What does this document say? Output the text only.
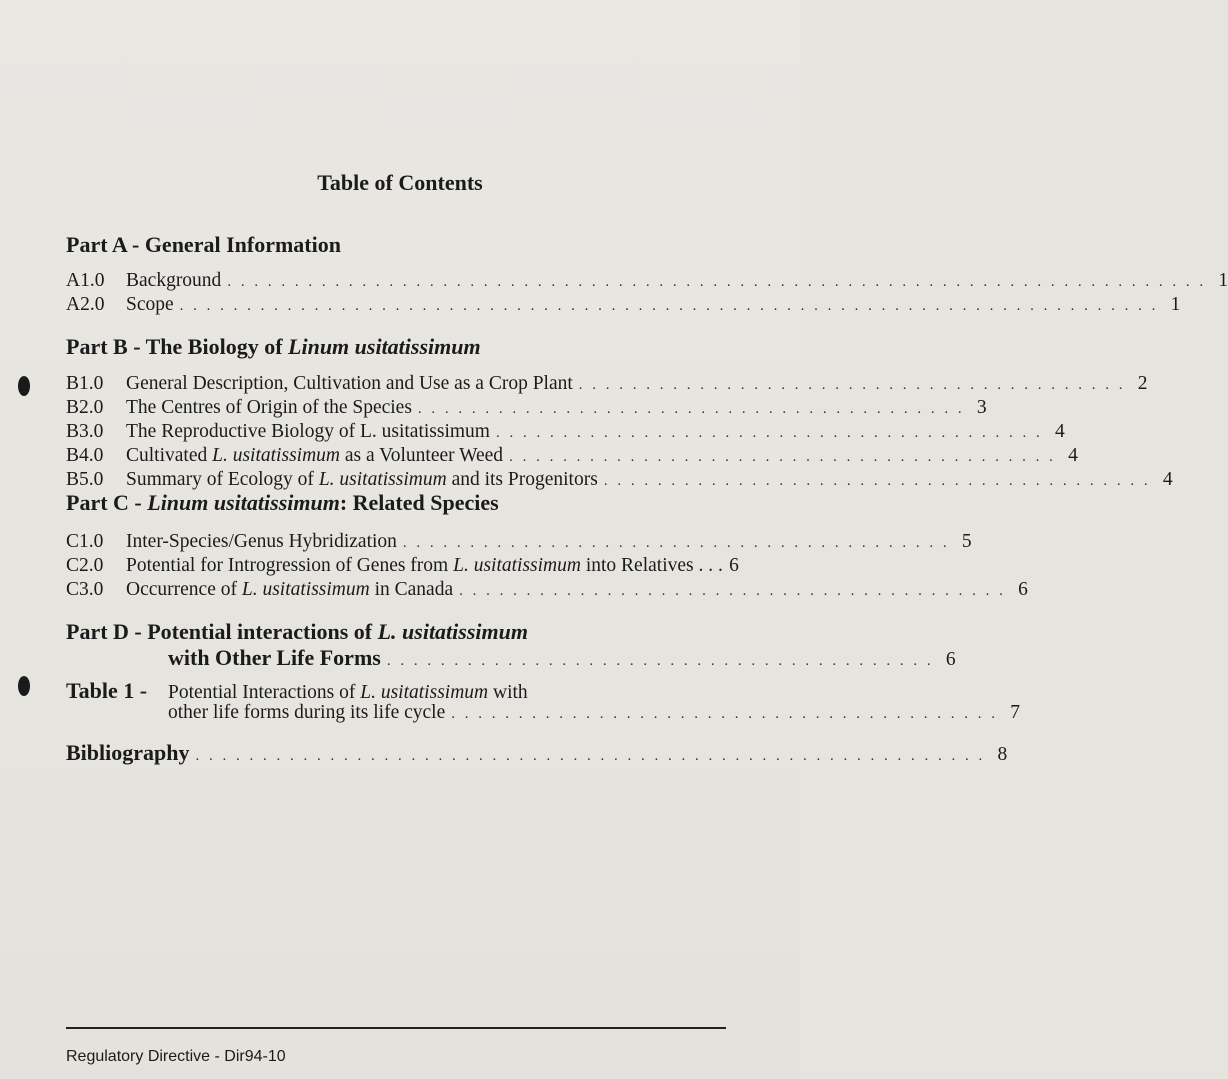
Table of Contents
Part A - General Information
A1.0	Background . . . . . . . . . . . . . . . . . . . . . . . . . . . . . . . . . . . . . . . . . . . . . . . . . . . . . . . . . . . . . . . . . . . . . . . . . 1
A2.0	Scope . . . . . . . . . . . . . . . . . . . . . . . . . . . . . . . . . . . . . . . . . . . . . . . . . . . . . . . . . . . . . . . . . . . . . . . . . 1
Part B - The Biology of Linum usitatissimum
B1.0	General Description, Cultivation and Use as a Crop Plant . . . . . . . . . . . . . . . . . . . . . . . . . . . . . . . . . . . . . . . . . 2
B2.0	The Centres of Origin of the Species . . . . . . . . . . . . . . . . . . . . . . . . . . . . . . . . . . . . . . . . . 3
B3.0	The Reproductive Biology of L. usitatissimum . . . . . . . . . . . . . . . . . . . . . . . . . . . . . . . . . . . . . . . . . 4
B4.0	Cultivated L. usitatissimum as a Volunteer Weed . . . . . . . . . . . . . . . . . . . . . . . . . . . . . . . . . . . . . . . . . 4
B5.0	Summary of Ecology of L. usitatissimum and its Progenitors . . . . . . . . . . . . . . . . . . . . . . . . . . . . . . . . . . . . . . . . . 4
Part C - Linum usitatissimum: Related Species
C1.0	Inter-Species/Genus Hybridization . . . . . . . . . . . . . . . . . . . . . . . . . . . . . . . . . . . . . . . . . 5
C2.0	Potential for Introgression of Genes from L. usitatissimum into Relatives . . . 6
C3.0	Occurrence of L. usitatissimum in Canada . . . . . . . . . . . . . . . . . . . . . . . . . . . . . . . . . . . . . . . . . 6
Part D - Potential interactions of L. usitatissimum
with Other Life Forms . . . . . . . . . . . . . . . . . . . . . . . . . . . . . . . . . . . . . . . . . 6
Table 1 - Potential Interactions of L. usitatissimum with
other life forms during its life cycle . . . . . . . . . . . . . . . . . . . . . . . . . . . . . . . . . . . . . . . . . 7
Bibliography . . . . . . . . . . . . . . . . . . . . . . . . . . . . . . . . . . . . . . . . . . . . . . . . . . . . . . . . . . . 8
Regulatory Directive - Dir94-10
